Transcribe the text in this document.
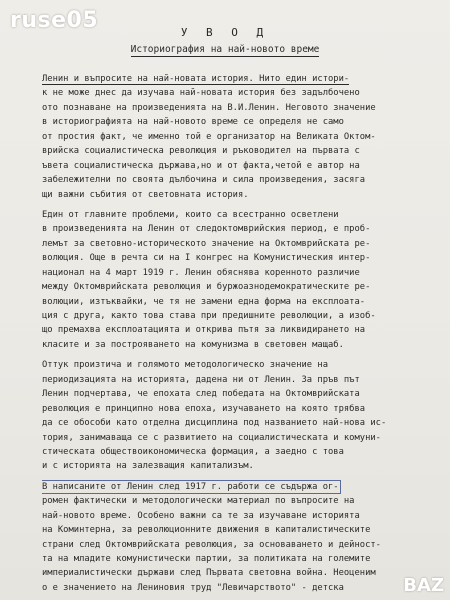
ruse05	У В О Д
Историография на най-новото време
Ленин и въпросите на най-новата история. Нито един истори-
к не може днес да изучава най-новата история без задълбочено
ото познаване на произведенията на В.И.Ленин. Неговото значение
в историографията на най-новото време се определя не само
от простия факт, че именно той е организатор на Великата Октом-
врийска социалистическа революция и ръководител на първата с
ъвета социалистическа държава,но и от факта,четой е автор на
забележителни по своята дълбочина и сила произведения, засяга
щи важни събития от световната история.
Един от главните проблеми, които са всестранно осветлени
в произведенията на Ленин от следоктомврийския период, е проб-
лемът за световно-историческото значение на Октомврийската ре-
волюция. Още в речта си на I конгрес на Комунистическия интер-
национал на 4 март 1919 г. Ленин обяснява коренното различие
между Октомврийската революция и буржоазнодемократическите ре-
волюции, изтъквайки, че тя не замени една форма на експлоата-
ция с друга, както това става при предишните революции, а изоб-
що премахва експлоатацията и открива пътя за ликвидирането на
класите и за построяването на комунизма в световен мащаб.
Оттук произтича и голямото методологическо значение на
периодизацията на историята, дадена ни от Ленин. За пръв път
Ленин подчертава, че епохата след победата на Октомврийската
революция е принципно нова епоха, изучаването на която трябва
да се обособи като отделна дисциплина под названието най-нова ис-
тория, занимаваща се с развитието на социалистическата и комуни-
стическата обществоикономическа формация, а заедно с това
и с историята на залезващия капитализъм.
В написаните от Ленин след 1917 г. работи се съдържа ог-
ромен фактически и методологически материал по въпросите на
най-новото време. Особено важни са те за изучаване историята
на Коминтерна, за революционните движения в капиталистическите
страни след Октомврийската революция, за основаването и дейност-
та на младите комунистически партии, за политиката на големите
империалистически държави след Първата световна война. Неоценим
о е значението на Лениновия труд "Левичарството" - детска	BAZ
